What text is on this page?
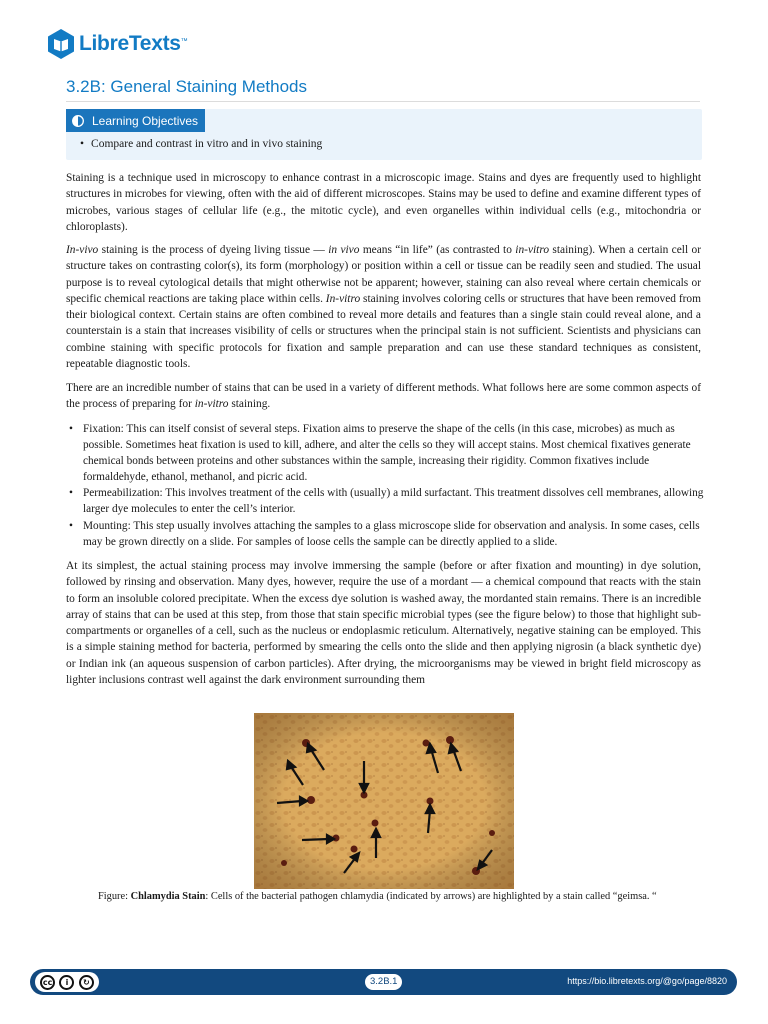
LibreTexts ™
3.2B: General Staining Methods
Learning Objectives
• Compare and contrast in vitro and in vivo staining

Staining is a technique used in microscopy to enhance contrast in a microscopic image. Stains and dyes are frequently used to highlight structures in microbes for viewing, often with the aid of different microscopes. Stains may be used to define and examine different types of microbes, various stages of cellular life (e.g., the mitotic cycle), and even organelles within individual cells (e.g., mitochondria or chloroplasts).

In-vivo staining is the process of dyeing living tissue — in vivo means “in life” (as contrasted to in-vitro staining). When a certain cell or structure takes on contrasting color(s), its form (morphology) or position within a cell or tissue can be readily seen and studied. The usual purpose is to reveal cytological details that might otherwise not be apparent; however, staining can also reveal where certain chemicals or specific chemical reactions are taking place within cells. In-vitro staining involves coloring cells or structures that have been removed from their biological context. Certain stains are often combined to reveal more details and features than a single stain could reveal alone, and a counterstain is a stain that increases visibility of cells or structures when the principal stain is not sufficient. Scientists and physicians can combine staining with specific protocols for fixation and sample preparation and can use these standard techniques as consistent, repeatable diagnostic tools.

There are an incredible number of stains that can be used in a variety of different methods. What follows here are some common aspects of the process of preparing for in-vitro staining.

• Fixation: This can itself consist of several steps. Fixation aims to preserve the shape of the cells (in this case, microbes) as much as possible. Sometimes heat fixation is used to kill, adhere, and alter the cells so they will accept stains. Most chemical fixatives generate chemical bonds between proteins and other substances within the sample, increasing their rigidity. Common fixatives include formaldehyde, ethanol, methanol, and picric acid.
• Permeabilization: This involves treatment of the cells with (usually) a mild surfactant. This treatment dissolves cell membranes, allowing larger dye molecules to enter the cell’s interior.
• Mounting: This step usually involves attaching the samples to a glass microscope slide for observation and analysis. In some cases, cells may be grown directly on a slide. For samples of loose cells the sample can be directly applied to a slide.

At its simplest, the actual staining process may involve immersing the sample (before or after fixation and mounting) in dye solution, followed by rinsing and observation. Many dyes, however, require the use of a mordant — a chemical compound that reacts with the stain to form an insoluble colored precipitate. When the excess dye solution is washed away, the mordanted stain remains. There is an incredible array of stains that can be used at this step, from those that stain specific microbial types (see the figure below) to those that highlight sub-compartments or organelles of a cell, such as the nucleus or endoplasmic reticulum. Alternatively, negative staining can be employed. This is a simple staining method for bacteria, performed by smearing the cells onto the slide and then applying nigrosin (a black synthetic dye) or Indian ink (an aqueous suspension of carbon particles). After drying, the microorganisms may be viewed in bright field microscopy as lighter inclusions contrast well against the dark environment surrounding them

Figure: Chlamydia Stain: Cells of the bacterial pathogen chlamydia (indicated by arrows) are highlighted by a stain called “geimsa. “

cc	i	↻	3.2B.1	https://bio.libretexts.org/@go/page/8820
